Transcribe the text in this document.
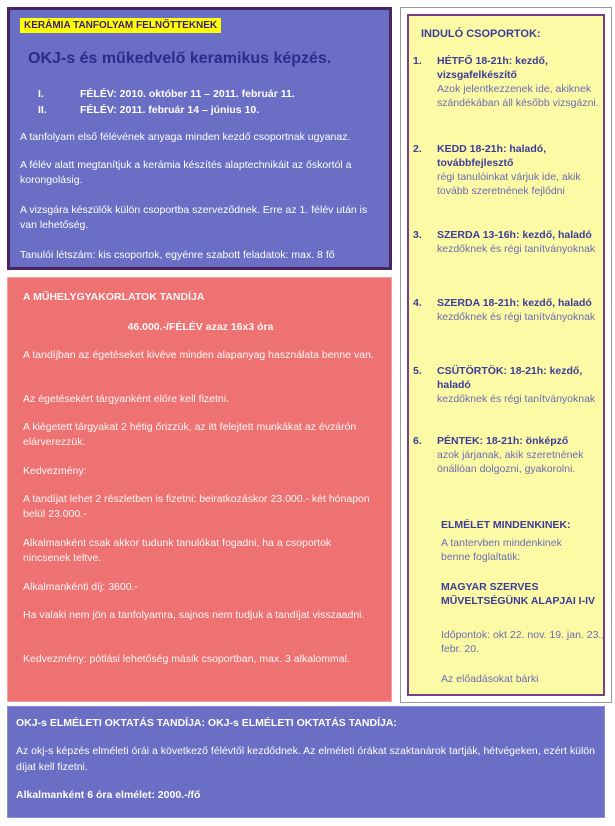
KERÁMIA TANFOLYAM FELNŐTTEKNEK
OKJ-s és műkedvelő keramikus képzés.
I.	FÉLÉV: 2010. október 11 – 2011. február 11.
II.	FÉLÉV: 2011. február 14 – június 10.
A tanfolyam első félévének anyaga minden kezdő csoportnak ugyanaz.
A félév alatt megtanítjuk a kerámia készítés alaptechnikáit az őskortól a korongolásig.
A vizsgára készülők külön csoportba szerveződnek. Erre az 1. félév után is van lehetőség.
Tanulói létszám: kis csoportok, egyénre szabott feladatok: max. 8 fő
INDULÓ CSOPORTOK:
1. HÉTFŐ 18-21h: kezdő, vizsgafelkészítő
Azok jelentkezzenek ide, akiknek szándékában áll később vizsgázni.
2. KEDD 18-21h: haladó, továbbfejlesztő
régi tanulóinkat várjuk ide, akik tovább szeretnének fejlődni
3. SZERDA 13-16h: kezdő, haladó
kezdőknek és régi tanítványoknak
4. SZERDA 18-21h: kezdő, haladó
kezdőknek és régi tanítványoknak
5. CSÜTÖRTÖK: 18-21h: kezdő, haladó
kezdőknek és régi tanítványoknak
6. PÉNTEK: 18-21h: önképző
azok járjanak, akik szeretnének önállóan dolgozni, gyakorolni.
ELMÉLET MINDENKINEK:
A tantervben mindenkinek benne foglaltatik:
MAGYAR SZERVES MŰVELTSÉGÜNK ALAPJAI I-IV
Időpontok: okt 22. nov. 19. jan. 23., febr. 20.
Az előadásokat bárki
A MŰHELYGYAKORLATOK TANDÍJA
46.000.-/FÉLÉV azaz 16x3 óra
A tandíjban az égetéseket kivéve minden alapanyag használata benne van.
Az égetésekért tárgyanként előre kell fizetni.
A kiégetett tárgyakat 2 hétig őrizzük, az itt felejtett munkákat az évzárón elárverezzük.
Kedvezmény:
A tandíjat lehet 2 részletben is fizetni: beiratkozáskor 23.000.- két hónapon belül 23.000.-
Alkalmanként csak akkor tudunk tanulókat fogadni, ha a csoportok nincsenek teltve.
Alkalmankénti díj: 3600.-
Ha valaki nem jön a tanfolyamra, sajnos nem tudjuk a tandíjat visszaadni.
Kedvezmény: pótlási lehetőség másik csoportban, max. 3 alkalommal.
OKJ-s ELMÉLETI OKTATÁS TANDÍJA: OKJ-s ELMÉLETI OKTATÁS TANDÍJA:
Az okj-s képzés elméleti órái a következő félévtől kezdődnek. Az elméleti órákat szaktanárok tartják, hétvégeken, ezért külön díjat kell fizetni.
Alkalmanként 6 óra elmélet: 2000.-/fő
